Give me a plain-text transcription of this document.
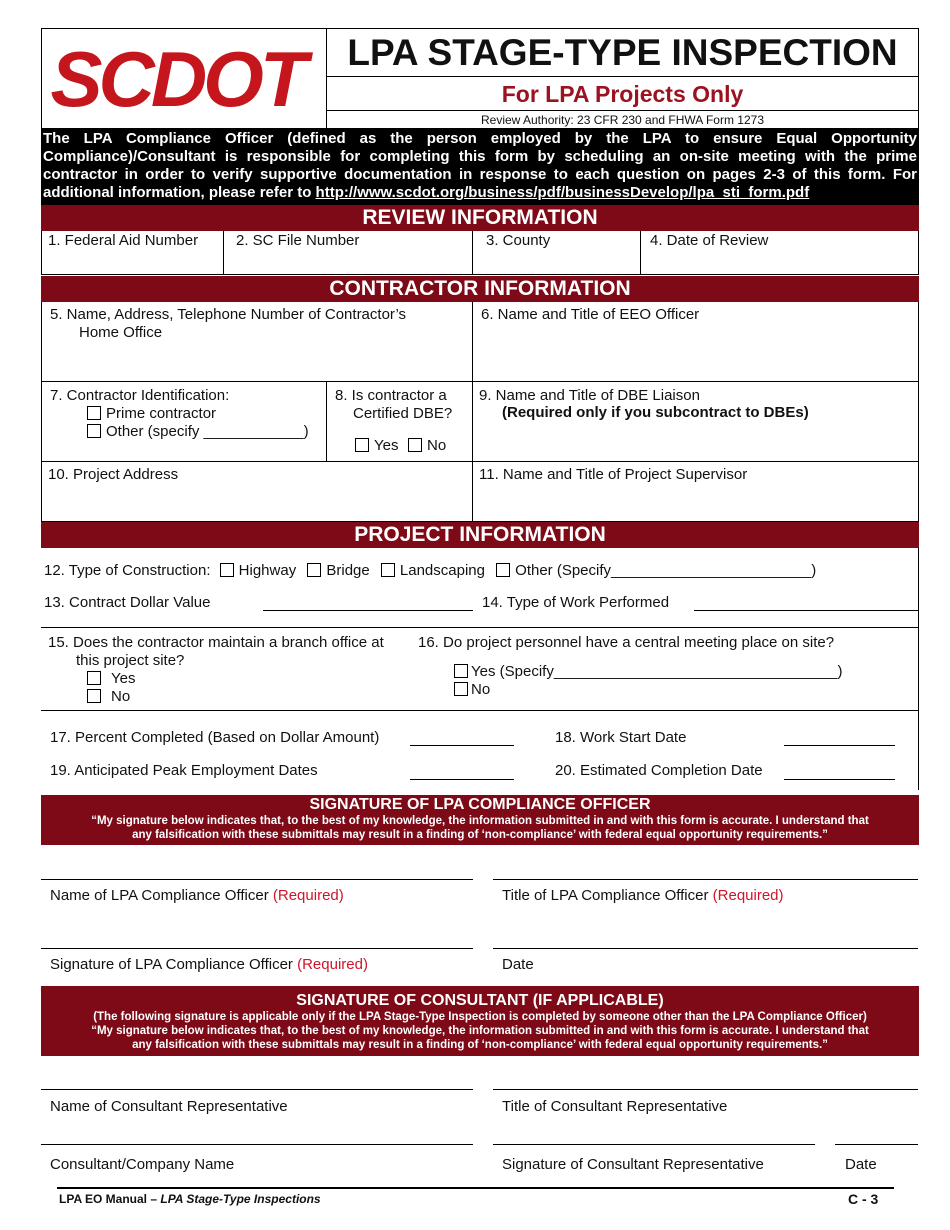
SCDOT	LPA STAGE-TYPE INSPECTION
For LPA Projects Only
Review Authority: 23 CFR 230 and FHWA Form 1273
The LPA Compliance Officer (defined as the person employed by the LPA to ensure Equal Opportunity Compliance)/Consultant is responsible for completing this form by scheduling an on-site meeting with the prime contractor in order to verify supportive documentation in response to each question on pages 2-3 of this form. For additional information, please refer to http://www.scdot.org/business/pdf/businessDevelop/lpa_sti_form.pdf
REVIEW INFORMATION
1. Federal Aid Number	2. SC File Number	3. County	4. Date of Review
CONTRACTOR INFORMATION
5. Name, Address, Telephone Number of Contractor’s
Home Office
6. Name and Title of EEO Officer
7. Contractor Identification:
Prime contractor
Other (specify ____________)
8. Is contractor a
Certified DBE?
Yes	No
9. Name and Title of DBE Liaison
(Required only if you subcontract to DBEs)
10. Project Address	11. Name and Title of Project Supervisor
PROJECT INFORMATION
12. Type of Construction: Highway Bridge Landscaping Other (Specify________________________)
13. Contract Dollar Value	14. Type of Work Performed
15. Does the contractor maintain a branch office at
this project site?
Yes
No
16. Do project personnel have a central meeting place on site?
Yes (Specify__________________________________)
No
17. Percent Completed (Based on Dollar Amount)	18. Work Start Date
19. Anticipated Peak Employment Dates	20. Estimated Completion Date
SIGNATURE OF LPA COMPLIANCE OFFICER
“My signature below indicates that, to the best of my knowledge, the information submitted in and with this form is accurate. I understand that
any falsification with these submittals may result in a finding of ‘non-compliance’ with federal equal opportunity requirements.”
Name of LPA Compliance Officer (Required)	Title of LPA Compliance Officer (Required)
Signature of LPA Compliance Officer (Required)	Date
SIGNATURE OF CONSULTANT (IF APPLICABLE)
(The following signature is applicable only if the LPA Stage-Type Inspection is completed by someone other than the LPA Compliance Officer)
“My signature below indicates that, to the best of my knowledge, the information submitted in and with this form is accurate. I understand that
any falsification with these submittals may result in a finding of ‘non-compliance’ with federal equal opportunity requirements.”
Name of Consultant Representative	Title of Consultant Representative
Consultant/Company Name	Signature of Consultant Representative	Date
LPA EO Manual – LPA Stage-Type Inspections	C - 3
